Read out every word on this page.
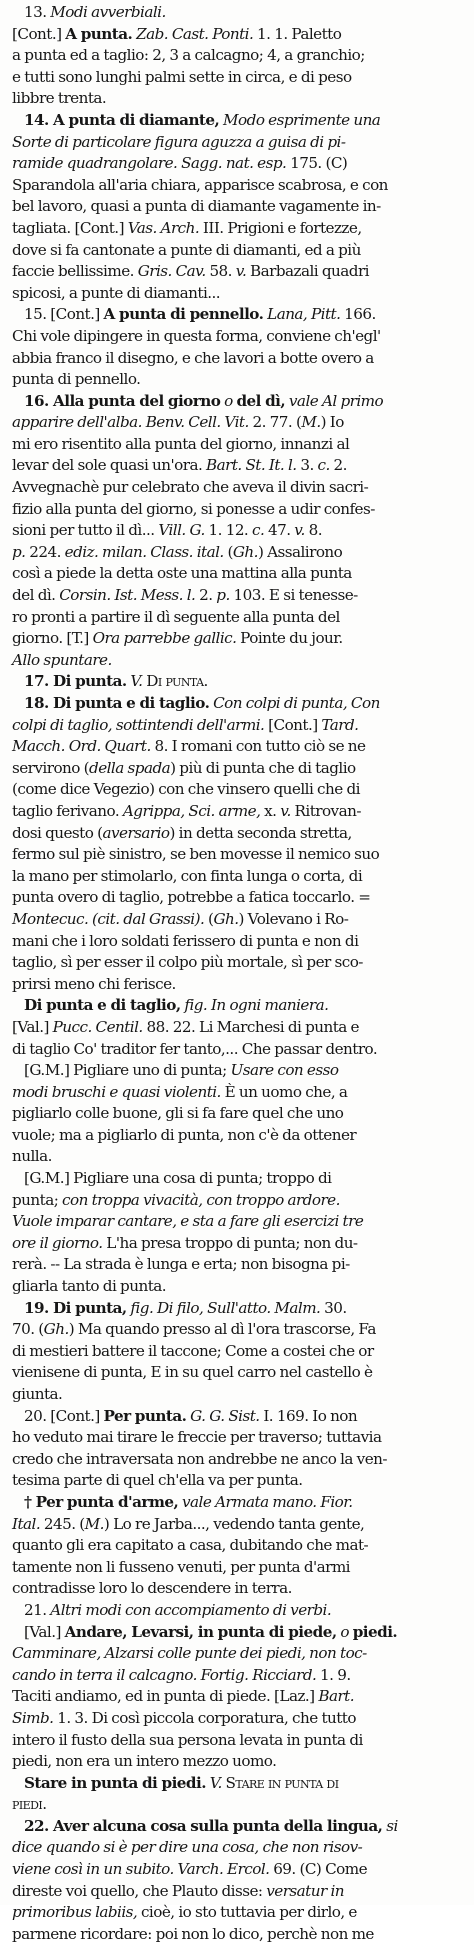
13. Modi avverbiali.
[Cont.] A punta. Zab. Cast. Ponti. 1. 1. Paletto
a punta ed a taglio: 2, 3 a calcagno; 4, a granchio;
e tutti sono lunghi palmi sette in circa, e di peso
libbre trenta.
14. A punta di diamante, Modo esprimente una
Sorte di particolare figura aguzza a guisa di pi-
ramide quadrangolare. Sagg. nat. esp. 175. (C)
Sparandola all'aria chiara, apparisce scabrosa, e con
bel lavoro, quasi a punta di diamante vagamente in-
tagliata. [Cont.] Vas. Arch. III. Prigioni e fortezze,
dove si fa cantonate a punte di diamanti, ed a più
faccie bellissime. Gris. Cav. 58. v. Barbazali quadri
spicosi, a punte di diamanti...
15. [Cont.] A punta di pennello. Lana, Pitt. 166.
Chi vole dipingere in questa forma, conviene ch'egl'
abbia franco il disegno, e che lavori a botte overo a
punta di pennello.
16. Alla punta del giorno o del dì, vale Al primo
apparire dell'alba. Benv. Cell. Vit. 2. 77. (M.) Io
mi ero risentito alla punta del giorno, innanzi al
levar del sole quasi un'ora. Bart. St. It. l. 3. c. 2.
Avvegnachè pur celebrato che aveva il divin sacri-
fizio alla punta del giorno, si ponesse a udir confes-
sioni per tutto il dì... Vill. G. 1. 12. c. 47. v. 8.
p. 224. ediz. milan. Class. ital. (Gh.) Assalirono
così a piede la detta oste una mattina alla punta
del dì. Corsin. Ist. Mess. l. 2. p. 103. E si tenesse-
ro pronti a partire il dì seguente alla punta del
giorno. [T.] Ora parrebbe gallic. Pointe du jour.
Allo spuntare.
17. Di punta. V. Di punta.
18. Di punta e di taglio. Con colpi di punta, Con
colpi di taglio, sottintendi dell'armi. [Cont.] Tard.
Macch. Ord. Quart. 8. I romani con tutto ciò se ne
servirono (della spada) più di punta che di taglio
(come dice Vegezio) con che vinsero quelli che di
taglio ferivano. Agrippa, Sci. arme, x. v. Ritrovan-
dosi questo (aversario) in detta seconda stretta,
fermo sul piè sinistro, se ben movesse il nemico suo
la mano per stimolarlo, con finta lunga o corta, di
punta overo di taglio, potrebbe a fatica toccarlo. =
Montecuc. (cit. dal Grassi). (Gh.) Volevano i Ro-
mani che i loro soldati ferissero di punta e non di
taglio, sì per esser il colpo più mortale, sì per sco-
prirsi meno chi ferisce.
Di punta e di taglio, fig. In ogni maniera.
[Val.] Pucc. Centil. 88. 22. Li Marchesi di punta e
di taglio Co' traditor fer tanto,... Che passar dentro.
[G.M.] Pigliare uno di punta; Usare con esso
modi bruschi e quasi violenti. È un uomo che, a
pigliarlo colle buone, gli si fa fare quel che uno
vuole; ma a pigliarlo di punta, non c'è da ottener
nulla.
[G.M.] Pigliare una cosa di punta; troppo di
punta; con troppa vivacità, con troppo ardore.
Vuole imparar cantare, e sta a fare gli esercizi tre
ore il giorno. L'ha presa troppo di punta; non du-
rerà. -- La strada è lunga e erta; non bisogna pi-
gliarla tanto di punta.
19. Di punta, fig. Di filo, Sull'atto. Malm. 30.
70. (Gh.) Ma quando presso al dì l'ora trascorse, Fa
di mestieri battere il taccone; Come a costei che or
vienisene di punta, E in su quel carro nel castello è
giunta.
20. [Cont.] Per punta. G. G. Sist. I. 169. Io non
ho veduto mai tirare le freccie per traverso; tuttavia
credo che intraversata non andrebbe ne anco la ven-
tesima parte di quel ch'ella va per punta.
† Per punta d'arme, vale Armata mano. Fior.
Ital. 245. (M.) Lo re Jarba..., vedendo tanta gente,
quanto gli era capitato a casa, dubitando che mat-
tamente non li fusseno venuti, per punta d'armi
contradisse loro lo descendere in terra.
21. Altri modi con accompiamento di verbi.
[Val.] Andare, Levarsi, in punta di piede, o piedi.
Camminare, Alzarsi colle punte dei piedi, non toc-
cando in terra il calcagno. Fortig. Ricciard. 1. 9.
Taciti andiamo, ed in punta di piede. [Laz.] Bart.
Simb. 1. 3. Di così piccola corporatura, che tutto
intero il fusto della sua persona levata in punta di
piedi, non era un intero mezzo uomo.
Stare in punta di piedi. V. Stare in punta di
piedi.
22. Aver alcuna cosa sulla punta della lingua, si
dice quando si è per dire una cosa, che non risov-
viene così in un subito. Varch. Ercol. 69. (C) Come
direste voi quello, che Plauto disse: versatur in
primoribus labiis, cioè, io sto tuttavia per dirlo, e
parmene ricordare: poi non lo dico, perchè non me
